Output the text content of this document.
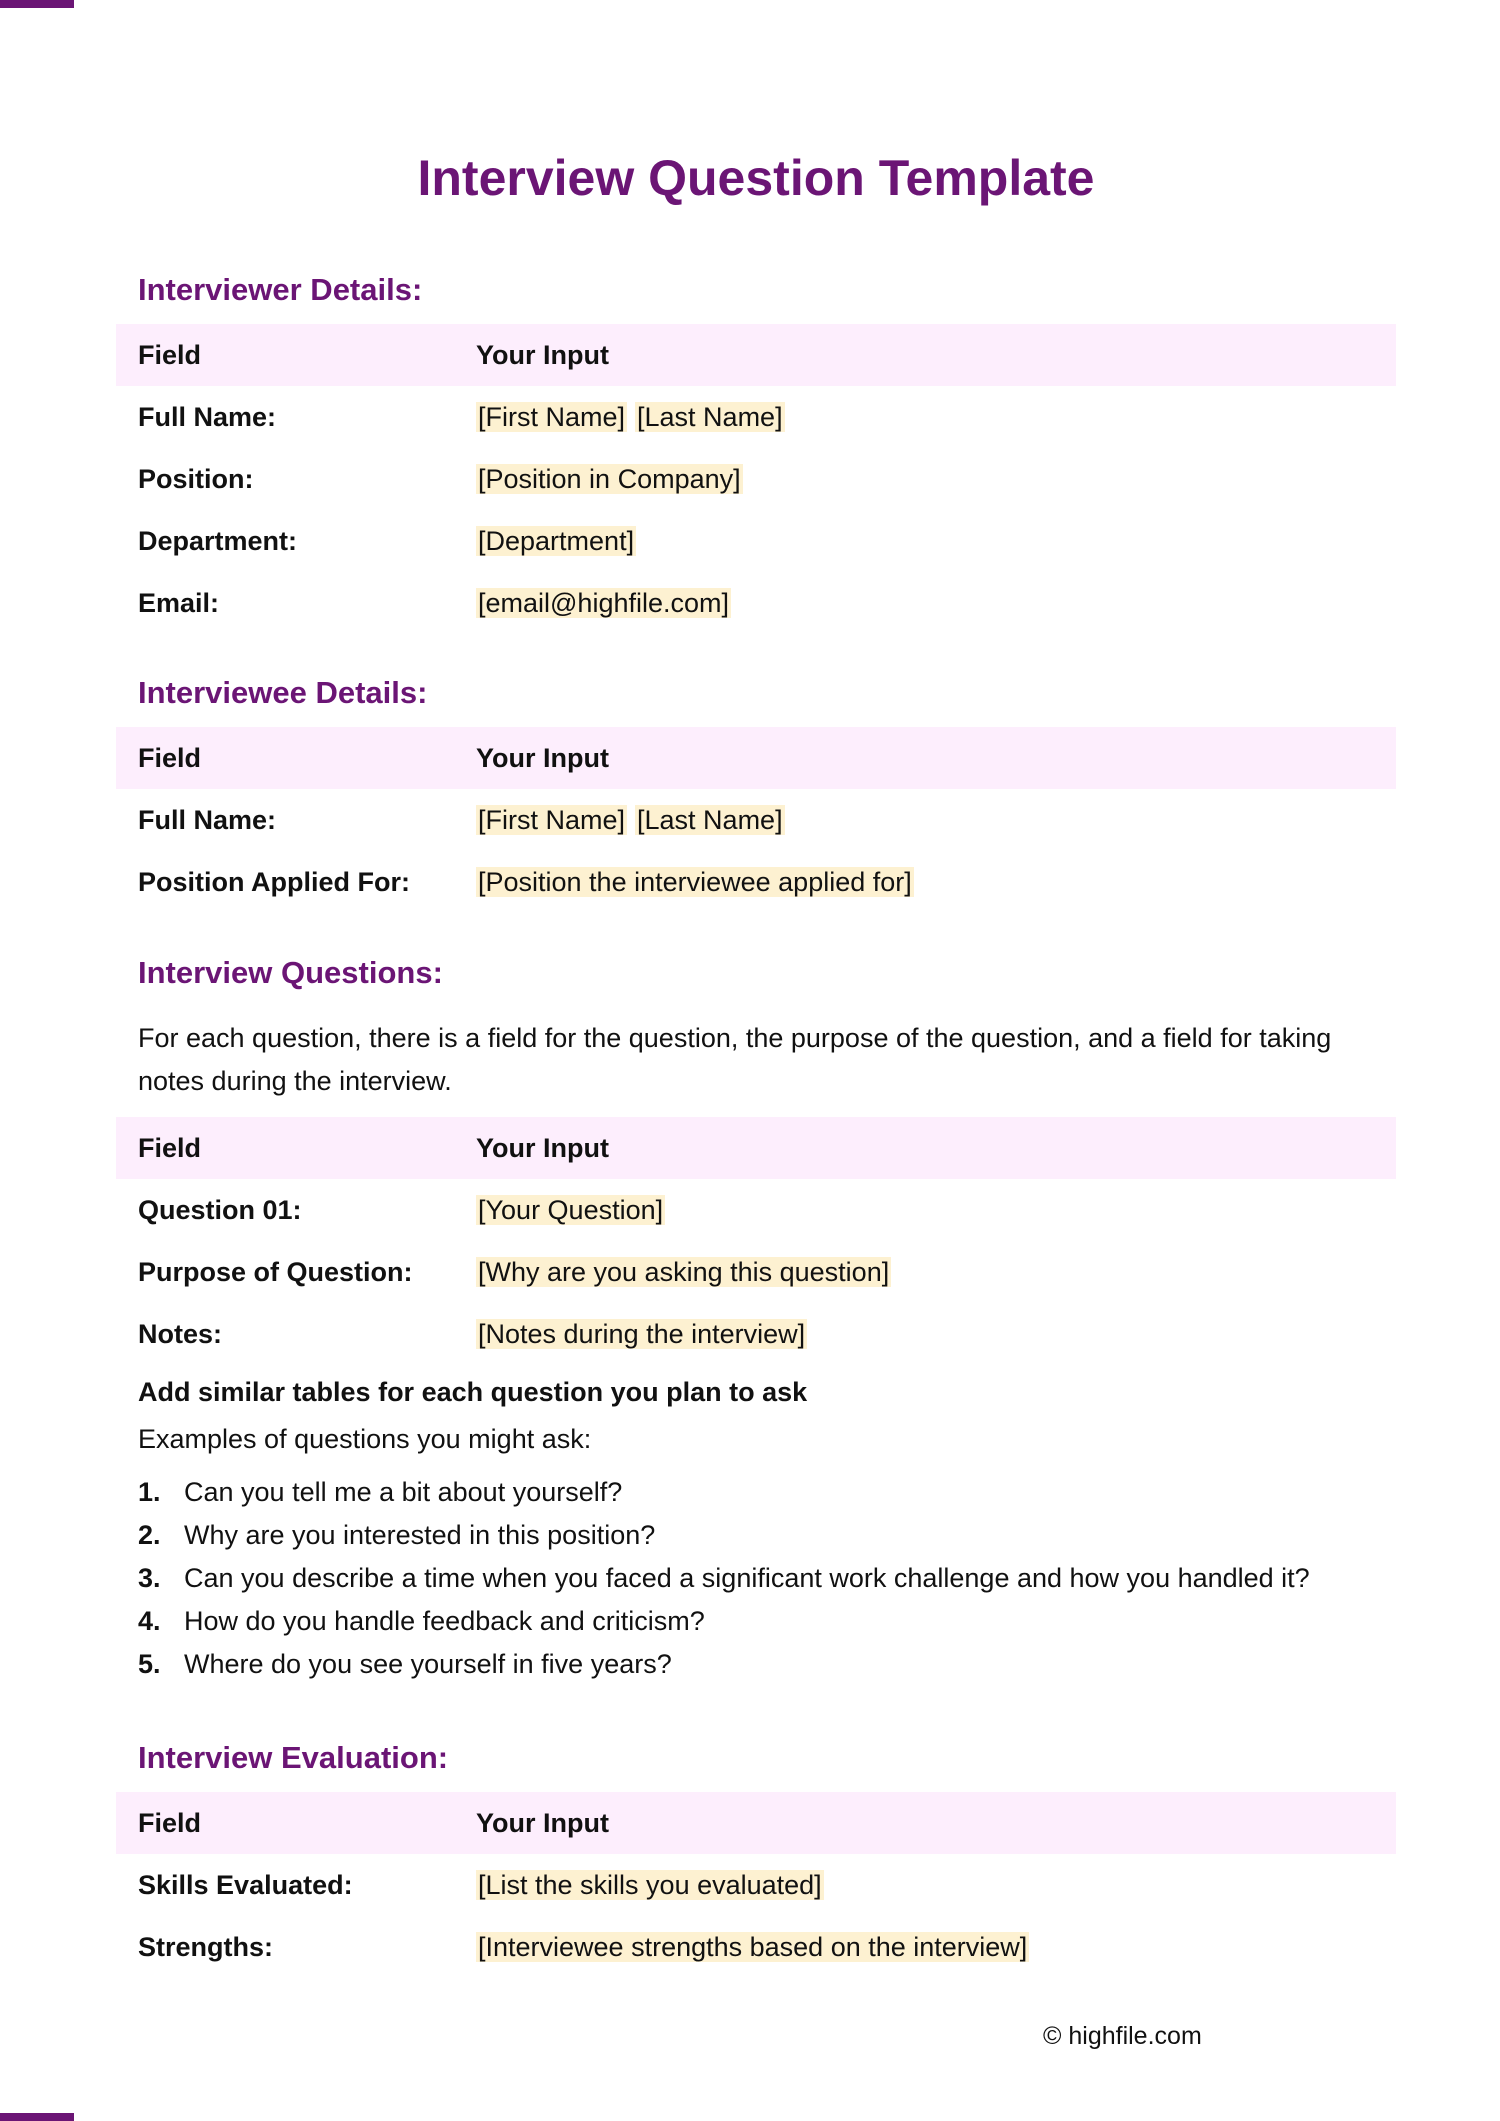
Interview Question Template
Interviewer Details:
Field	Your Input
Full Name:	[First Name] [Last Name]
Position:	[Position in Company]
Department:	[Department]
Email:	[email@highfile.com]
Interviewee Details:
Field	Your Input
Full Name:	[First Name] [Last Name]
Position Applied For:	[Position the interviewee applied for]
Interview Questions:

For each question, there is a field for the question, the purpose of the question, and a field for taking notes during the interview.

Field	Your Input
Question 01:	[Your Question]
Purpose of Question:	[Why are you asking this question]
Notes:	[Notes during the interview]

Add similar tables for each question you plan to ask

Examples of questions you might ask:

1. Can you tell me a bit about yourself?
2. Why are you interested in this position?
3. Can you describe a time when you faced a significant work challenge and how you handled it?
4. How do you handle feedback and criticism?
5. Where do you see yourself in five years?
Interview Evaluation:
Field	Your Input
Skills Evaluated:	[List the skills you evaluated]
Strengths:	[Interviewee strengths based on the interview]
© highfile.com
